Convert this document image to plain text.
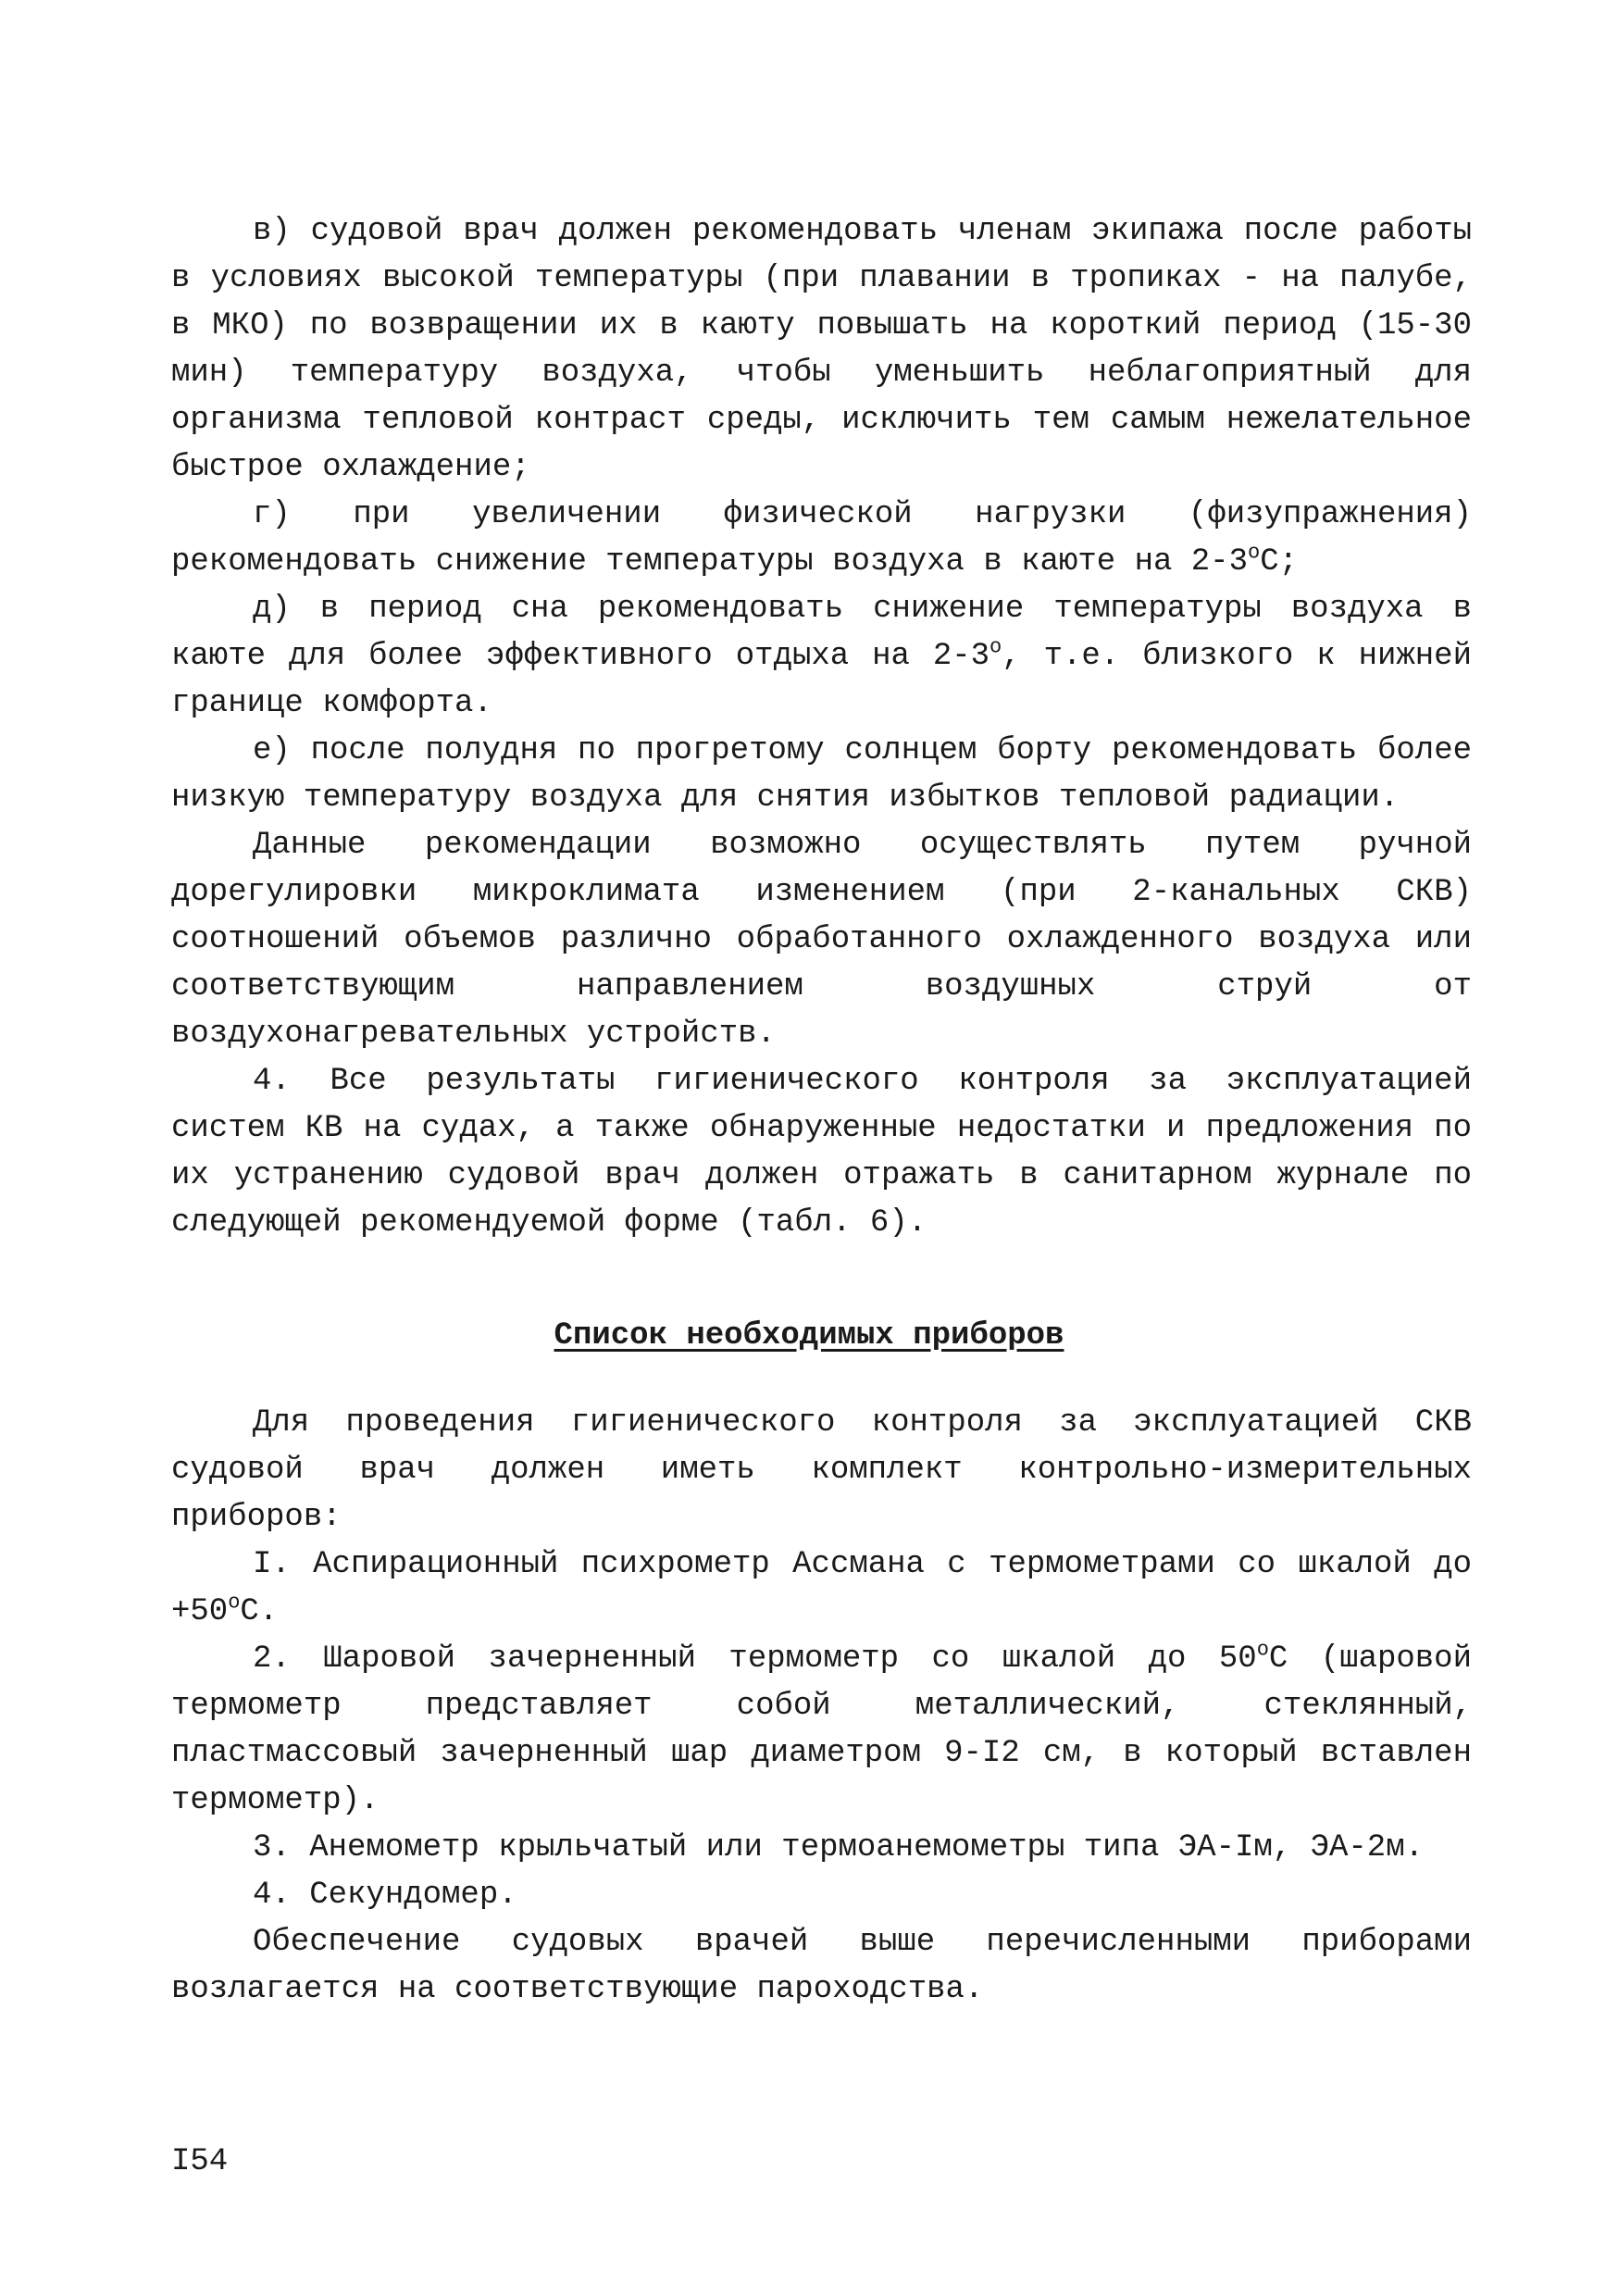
в) судовой врач должен рекомендовать членам экипажа после работы в условиях высокой температуры (при плавании в тропиках - на палубе, в МКО) по возвращении их в каюту повышать на короткий период (15-30 мин) температуру воздуха, чтобы уменьшить неблагоприятный для организма тепловой контраст среды, исключить тем самым нежелательное быстрое охлаждение;

г) при увеличении физической нагрузки (физупражнения) рекомендовать снижение температуры воздуха в каюте на $2-3^оС$;

д) в период сна рекомендовать снижение температуры воздуха в каюте для более эффективного отдыха на $2-3^о$, т.е. близкого к нижней границе комфорта.

е) после полудня по прогретому солнцем борту рекомендовать более низкую температуру воздуха для снятия избытков тепловой радиации.

Данные рекомендации возможно осуществлять путем ручной дорегулировки микроклимата изменением (при 2-канальных СКВ) соотношений объемов различно обработанного охлажденного воздуха или соответствующим направлением воздушных струй от воздухонагревательных устройств.

4. Все результаты гигиенического контроля за эксплуатацией систем КВ на судах, а также обнаруженные недостатки и предложения по их устранению судовой врач должен отражать в санитарном журнале по следующей рекомендуемой форме (табл. 6).

Список необходимых приборов

Для проведения гигиенического контроля за эксплуатацией СКВ судовой врач должен иметь комплект контрольно-измерительных приборов:

I. Аспирационный психрометр Ассмана с термометрами со шкалой до $+50^оС$.

2. Шаровой зачерненный термометр со шкалой до $50^оС$ (шаровой термометр представляет собой металлический, стеклянный, пластмассовый зачерненный шар диаметром 9-I2 см, в который вставлен термометр).

3. Анемометр крыльчатый или термоанемометры типа ЭА-Iм, ЭА-2м.

4. Секундомер.

Обеспечение судовых врачей выше перечисленными приборами возлагается на соответствующие пароходства.

I54
